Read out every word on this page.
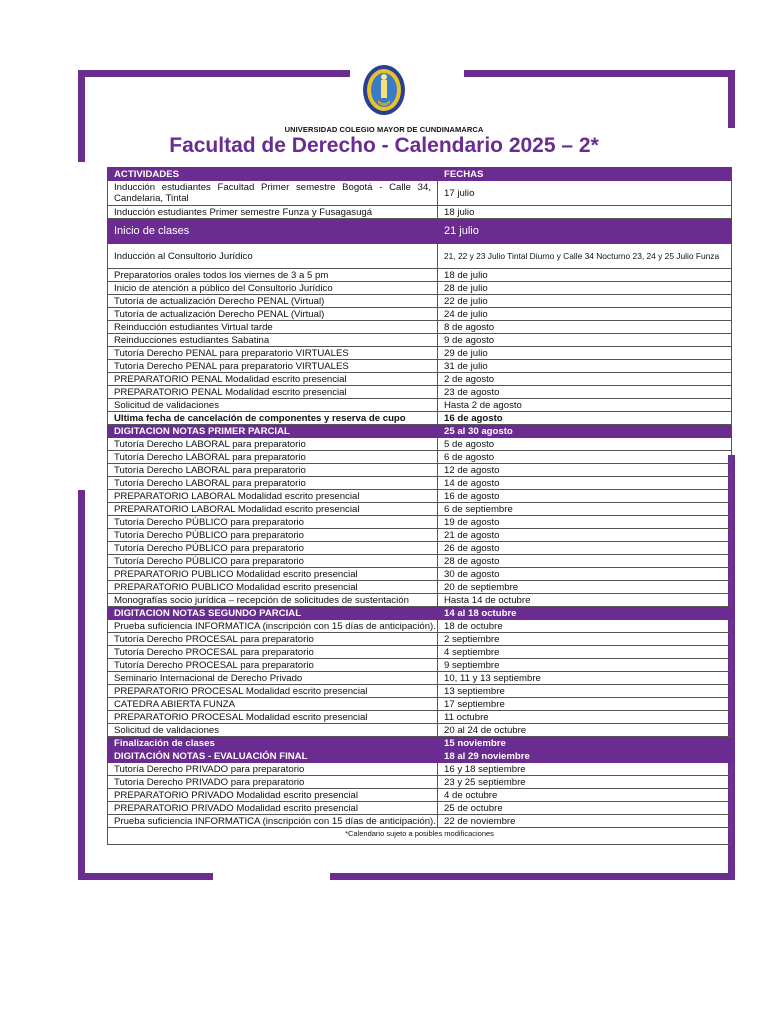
UNIVERSIDAD COLEGIO MAYOR DE CUNDINAMARCA
Facultad de Derecho - Calendario 2025 – 2*
ACTIVIDADES	FECHAS
Inducción estudiantes Facultad Primer semestre Bogotá - Calle 34, Candelaria, Tintal	17 julio
Inducción estudiantes Primer semestre Funza y Fusagasugá	18 julio
Inicio de clases	21 julio
Inducción al Consultorio Jurídico	21, 22 y 23 Julio Tintal Diurno y Calle 34 Nocturno 23, 24 y 25 Julio Funza
Preparatorios orales todos los viernes de 3 a 5 pm	18 de julio
Inicio de atención a público del Consultorio Jurídico	28 de julio
Tutoría de actualización Derecho PENAL (Virtual)	22 de julio
Tutoría de actualización Derecho PENAL (Virtual)	24 de julio
Reinducción estudiantes Virtual tarde	8 de agosto
Reinducciones estudiantes Sabatina	9 de agosto
Tutoría Derecho PENAL para preparatorio VIRTUALES	29 de julio
Tutoría Derecho PENAL para preparatorio VIRTUALES	31 de julio
PREPARATORIO PENAL Modalidad escrito presencial	2 de agosto
PREPARATORIO PENAL Modalidad escrito presencial	23 de agosto
Solicitud de validaciones	Hasta 2 de agosto
Ultima fecha de cancelación de componentes y reserva de cupo	16 de agosto
DIGITACION NOTAS PRIMER PARCIAL	25 al 30 agosto
Tutoría Derecho LABORAL para preparatorio	5 de agosto
Tutoría Derecho LABORAL para preparatorio	6 de agosto
Tutoría Derecho LABORAL para preparatorio	12 de agosto
Tutoría Derecho LABORAL para preparatorio	14 de agosto
PREPARATORIO LABORAL Modalidad escrito presencial	16 de agosto
PREPARATORIO LABORAL Modalidad escrito presencial	6 de septiembre
Tutoría Derecho PÚBLICO para preparatorio	19 de agosto
Tutoría Derecho PÚBLICO para preparatorio	21 de agosto
Tutoría Derecho PÚBLICO para preparatorio	26 de agosto
Tutoría Derecho PÚBLICO para preparatorio	28 de agosto
PREPARATORIO PUBLICO Modalidad escrito presencial	30 de agosto
PREPARATORIO PUBLICO Modalidad escrito presencial	20 de septiembre
Monografías socio jurídica – recepción de solicitudes de sustentación	Hasta 14 de octubre
DIGITACION NOTAS SEGUNDO PARCIAL	14 al 18 octubre
Prueba suficiencia INFORMATICA (inscripción con 15 días de anticipación).	18 de octubre
Tutoría Derecho PROCESAL para preparatorio	2 septiembre
Tutoría Derecho PROCESAL para preparatorio	4 septiembre
Tutoría Derecho PROCESAL para preparatorio	9 septiembre
Seminario Internacional de Derecho Privado	10, 11 y 13 septiembre
PREPARATORIO PROCESAL Modalidad escrito presencial	13 septiembre
CATEDRA ABIERTA FUNZA	17 septiembre
PREPARATORIO PROCESAL Modalidad escrito presencial	11 octubre
Solicitud de validaciones	20 al 24 de octubre
Finalización de clases	15 noviembre
DIGITACIÓN NOTAS - EVALUACIÓN FINAL	18 al 29 noviembre
Tutoría Derecho PRIVADO para preparatorio	16 y 18 septiembre
Tutoría Derecho PRIVADO para preparatorio	23 y 25 septiembre
PREPARATORIO PRIVADO Modalidad escrito presencial	4 de octubre
PREPARATORIO PRIVADO Modalidad escrito presencial	25 de octubre
Prueba suficiencia INFORMATICA (inscripción con 15 días de anticipación).	22 de noviembre
*Calendario sujeto a posibles modificaciones	
